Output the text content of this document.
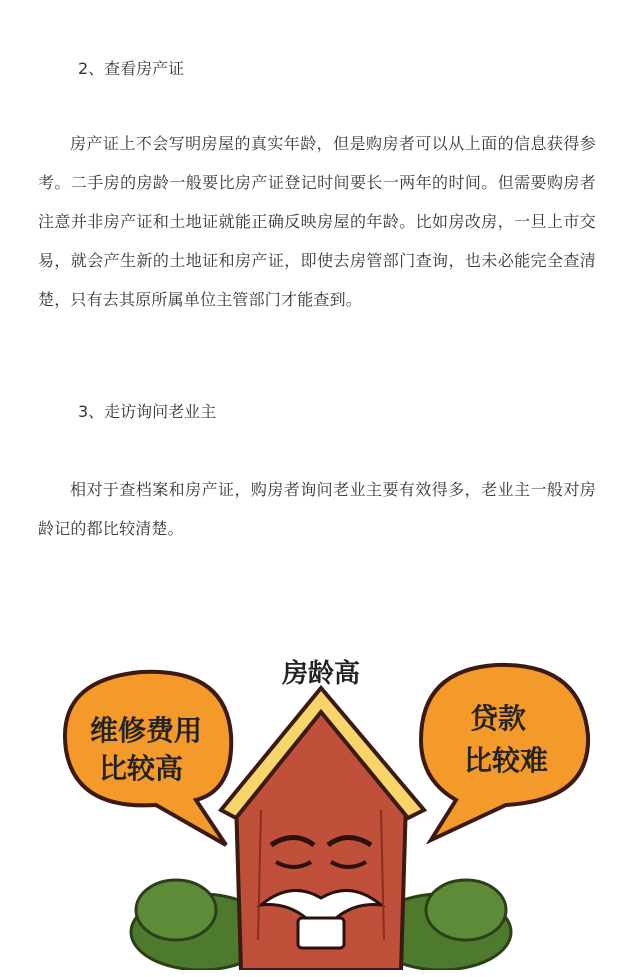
2、查看房产证
房产证上不会写明房屋的真实年龄，但是购房者可以从上面的信息获得参考。二手房的房龄一般要比房产证登记时间要长一两年的时间。但需要购房者注意并非房产证和土地证就能正确反映房屋的年龄。比如房改房，一旦上市交易，就会产生新的土地证和房产证，即使去房管部门查询，也未必能完全查清楚，只有去其原所属单位主管部门才能查到。
3、走访询问老业主
相对于查档案和房产证，购房者询问老业主要有效得多，老业主一般对房龄记的都比较清楚。
房龄高
维修费用
比较高
贷款
比较难
